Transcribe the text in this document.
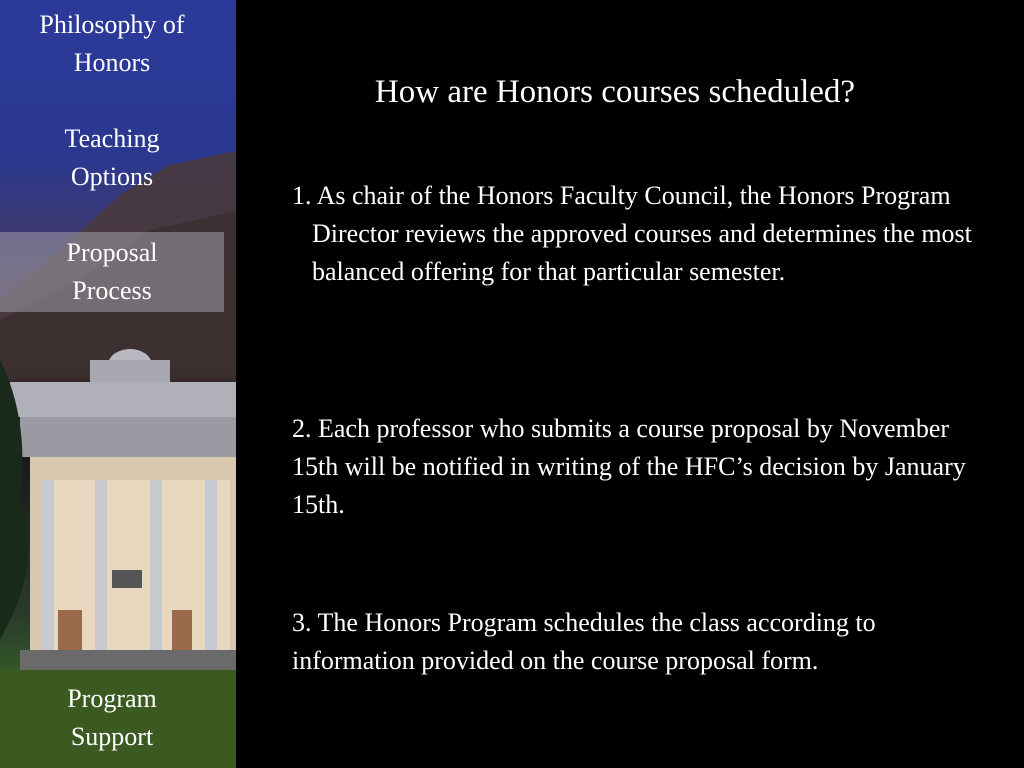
Philosophy of
Honors
Teaching
Options
Proposal
Process
Program
Support
How are Honors courses scheduled?
1. As chair of the Honors Faculty Council, the Honors Program Director reviews the approved courses and determines the most balanced offering for that particular semester.
2. Each professor who submits a course proposal by November 15th will be notified in writing of the HFC’s decision by January 15th.
3. The Honors Program schedules the class according to information provided on the course proposal form.
